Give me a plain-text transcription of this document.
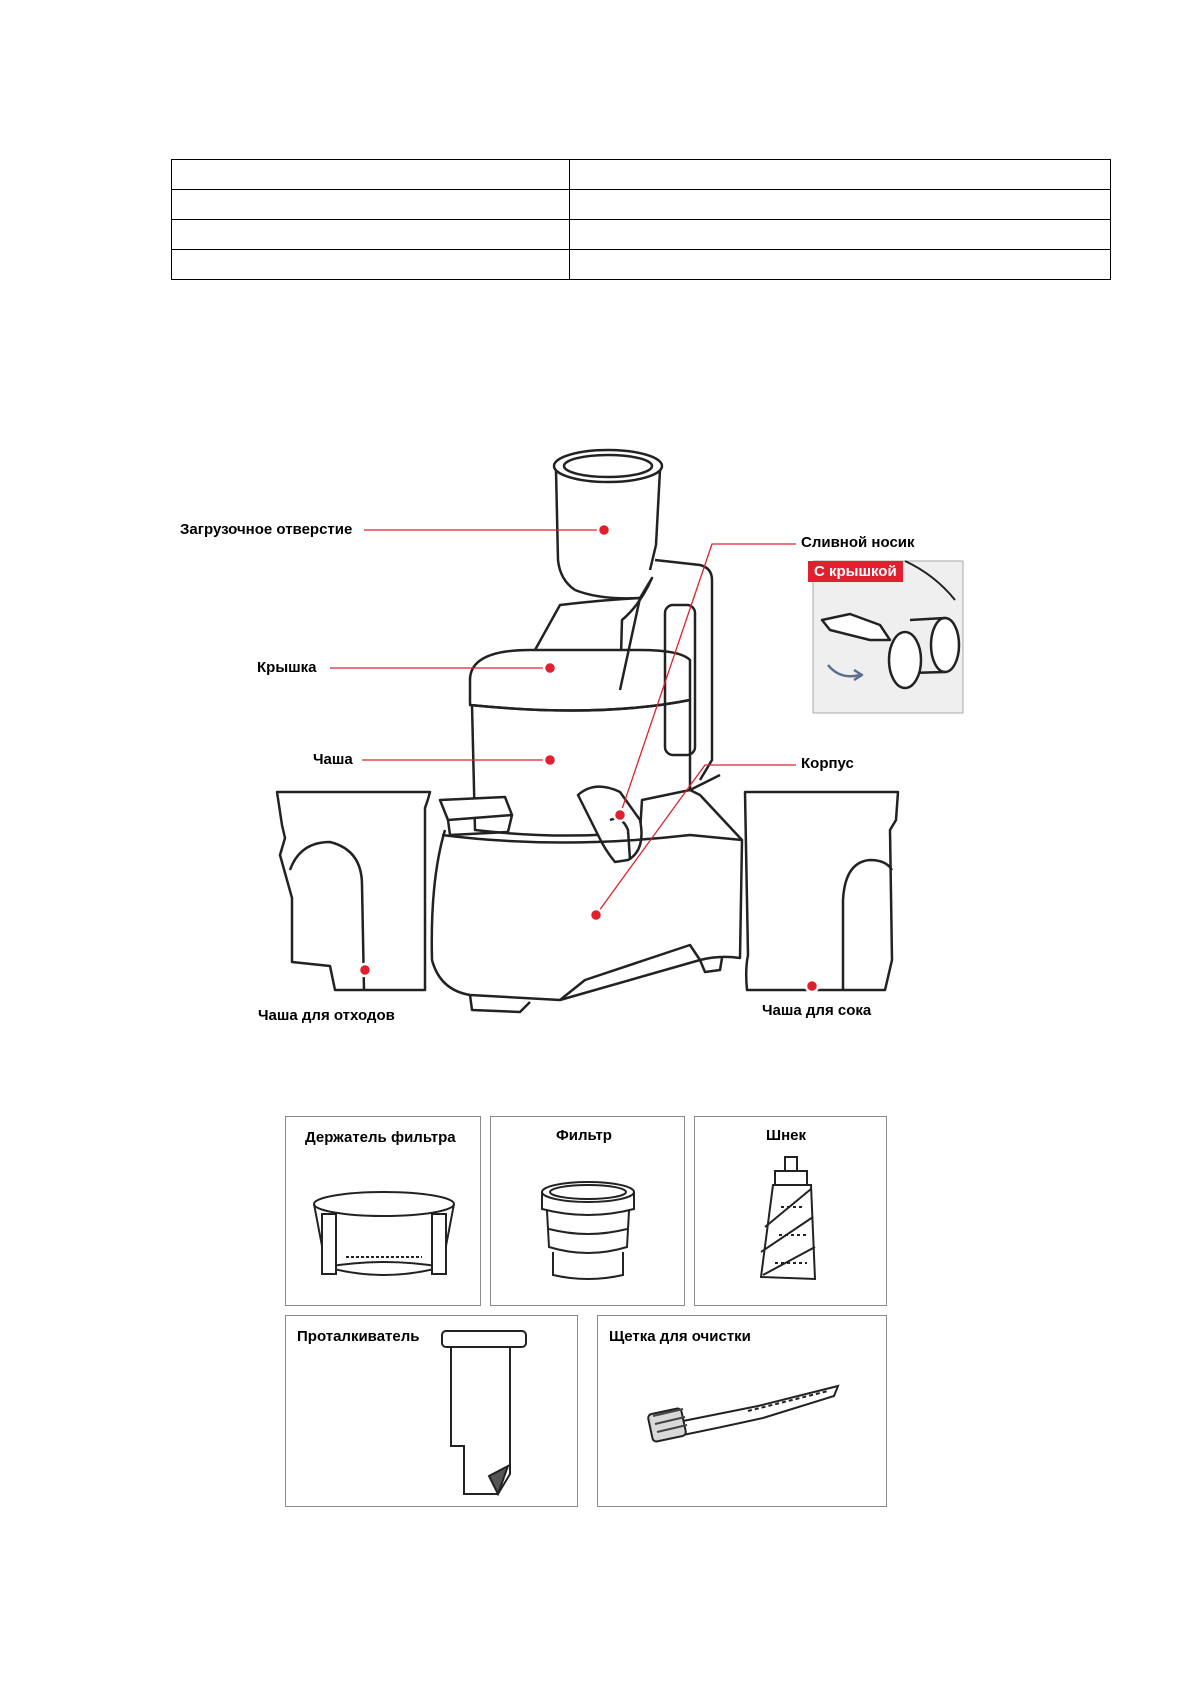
С крышкой
Загрузочное отверстие
Крышка
Чаша
Сливной носик
Корпус
Чаша для отходов	Чаша для сока
Держатель фильтра	Фильтр	Шнек
Проталкиватель	Щетка для очистки
